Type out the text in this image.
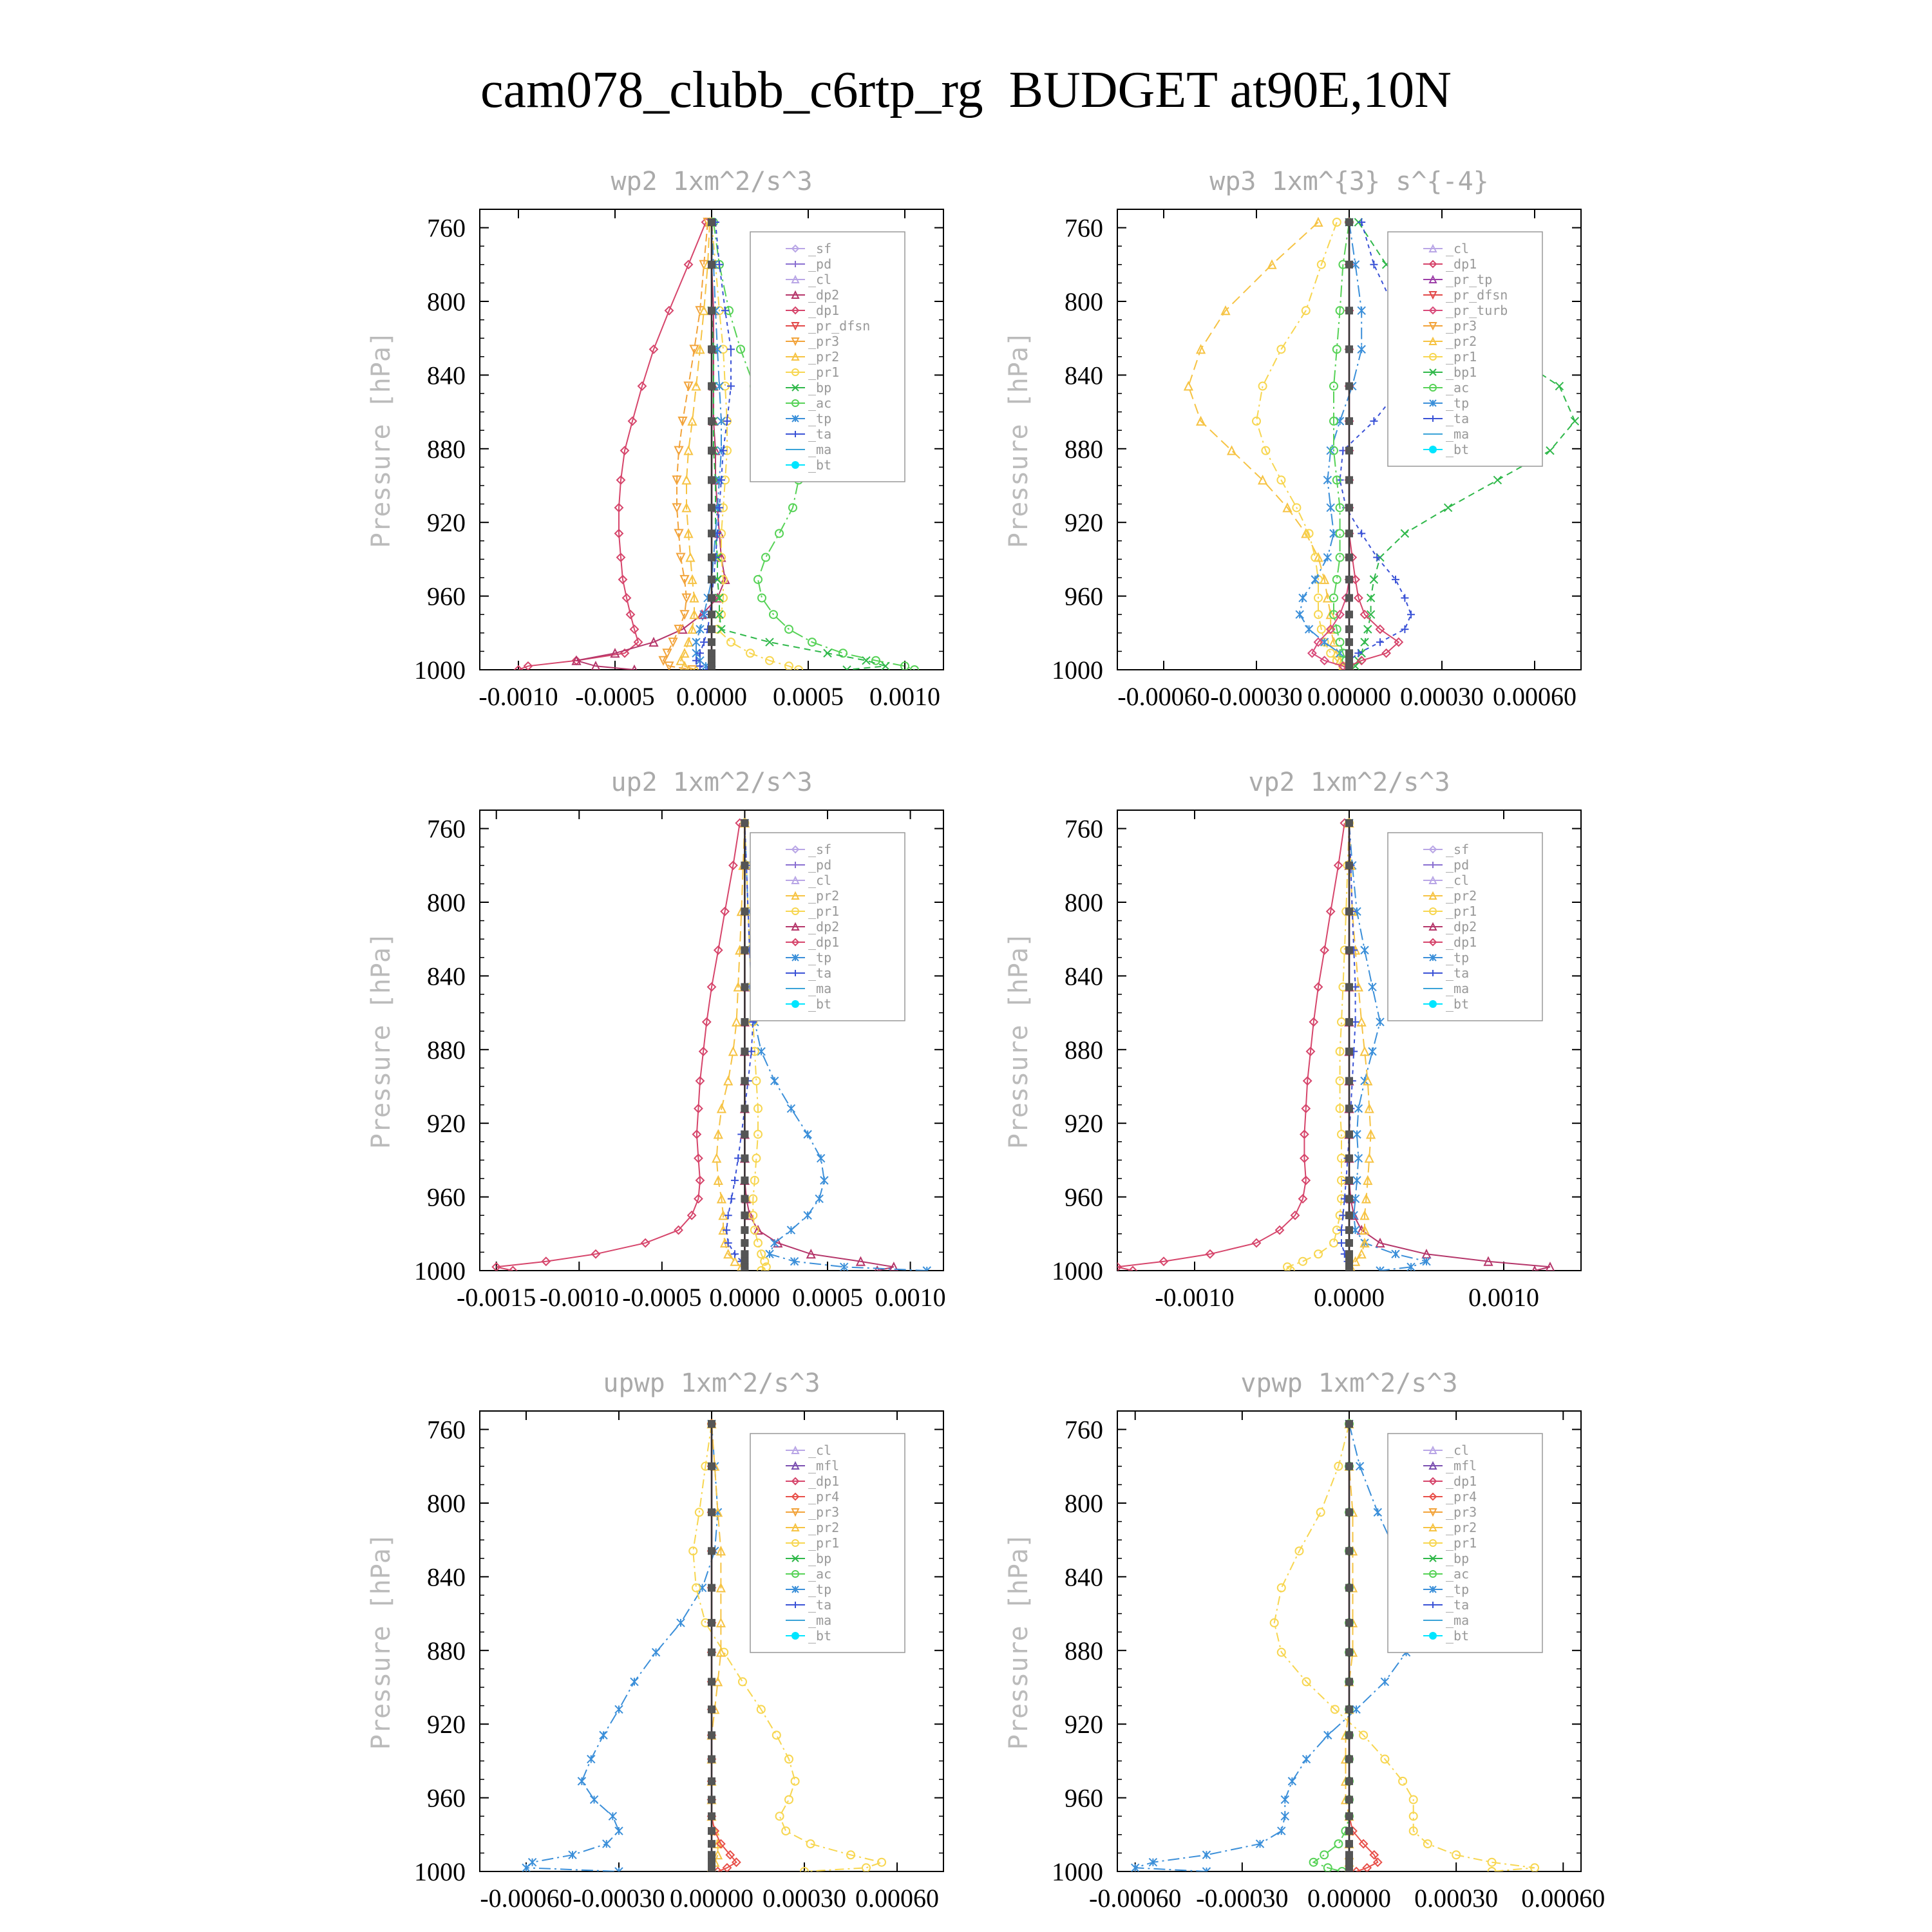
cam078_clubb_c6rtp_rg  BUDGET at90E,10N
wp2 1xm^2/s^3
760
800
840
880
920
960
1000
-0.0010 -0.0005 0.0000 0.0005 0.0010
Pressure [hPa]
_sf
_pd
_cl
_dp2
_dp1
_pr_dfsn
_pr3
_pr2
_pr1
_bp
_ac
_tp
_ta
_ma
_bt
wp3 1xm^{3} s^{-4}
760
800
840
880
920
960
1000
-0.00060 -0.00030 0.00000 0.00030 0.00060
Pressure [hPa]
_cl
_dp1
_pr_tp
_pr_dfsn
_pr_turb
_pr3
_pr2
_pr1
_bp1
_ac
_tp
_ta
_ma
_bt
up2 1xm^2/s^3
760
800
840
880
920
960
1000
-0.0015 -0.0010 -0.0005 0.0000 0.0005 0.0010
Pressure [hPa]
_sf
_pd
_cl
_pr2
_pr1
_dp2
_dp1
_tp
_ta
_ma
_bt
vp2 1xm^2/s^3
760
800
840
880
920
960
1000
-0.0010	0.0000	0.0010
Pressure [hPa]
_sf
_pd
_cl
_pr2
_pr1
_dp2
_dp1
_tp
_ta
_ma
_bt
upwp 1xm^2/s^3
760
800
840
880
920
960
1000
-0.00060 -0.00030 0.00000 0.00030 0.00060
Pressure [hPa]
_cl
_mfl
_dp1
_pr4
_pr3
_pr2
_pr1
_bp
_ac
_tp
_ta
_ma
_bt
vpwp 1xm^2/s^3
760
800
840
880
920
960
1000
-0.00060 -0.00030 0.00000 0.00030 0.00060
Pressure [hPa]
_cl
_mfl
_dp1
_pr4
_pr3
_pr2
_pr1
_bp
_ac
_tp
_ta
_ma
_bt
